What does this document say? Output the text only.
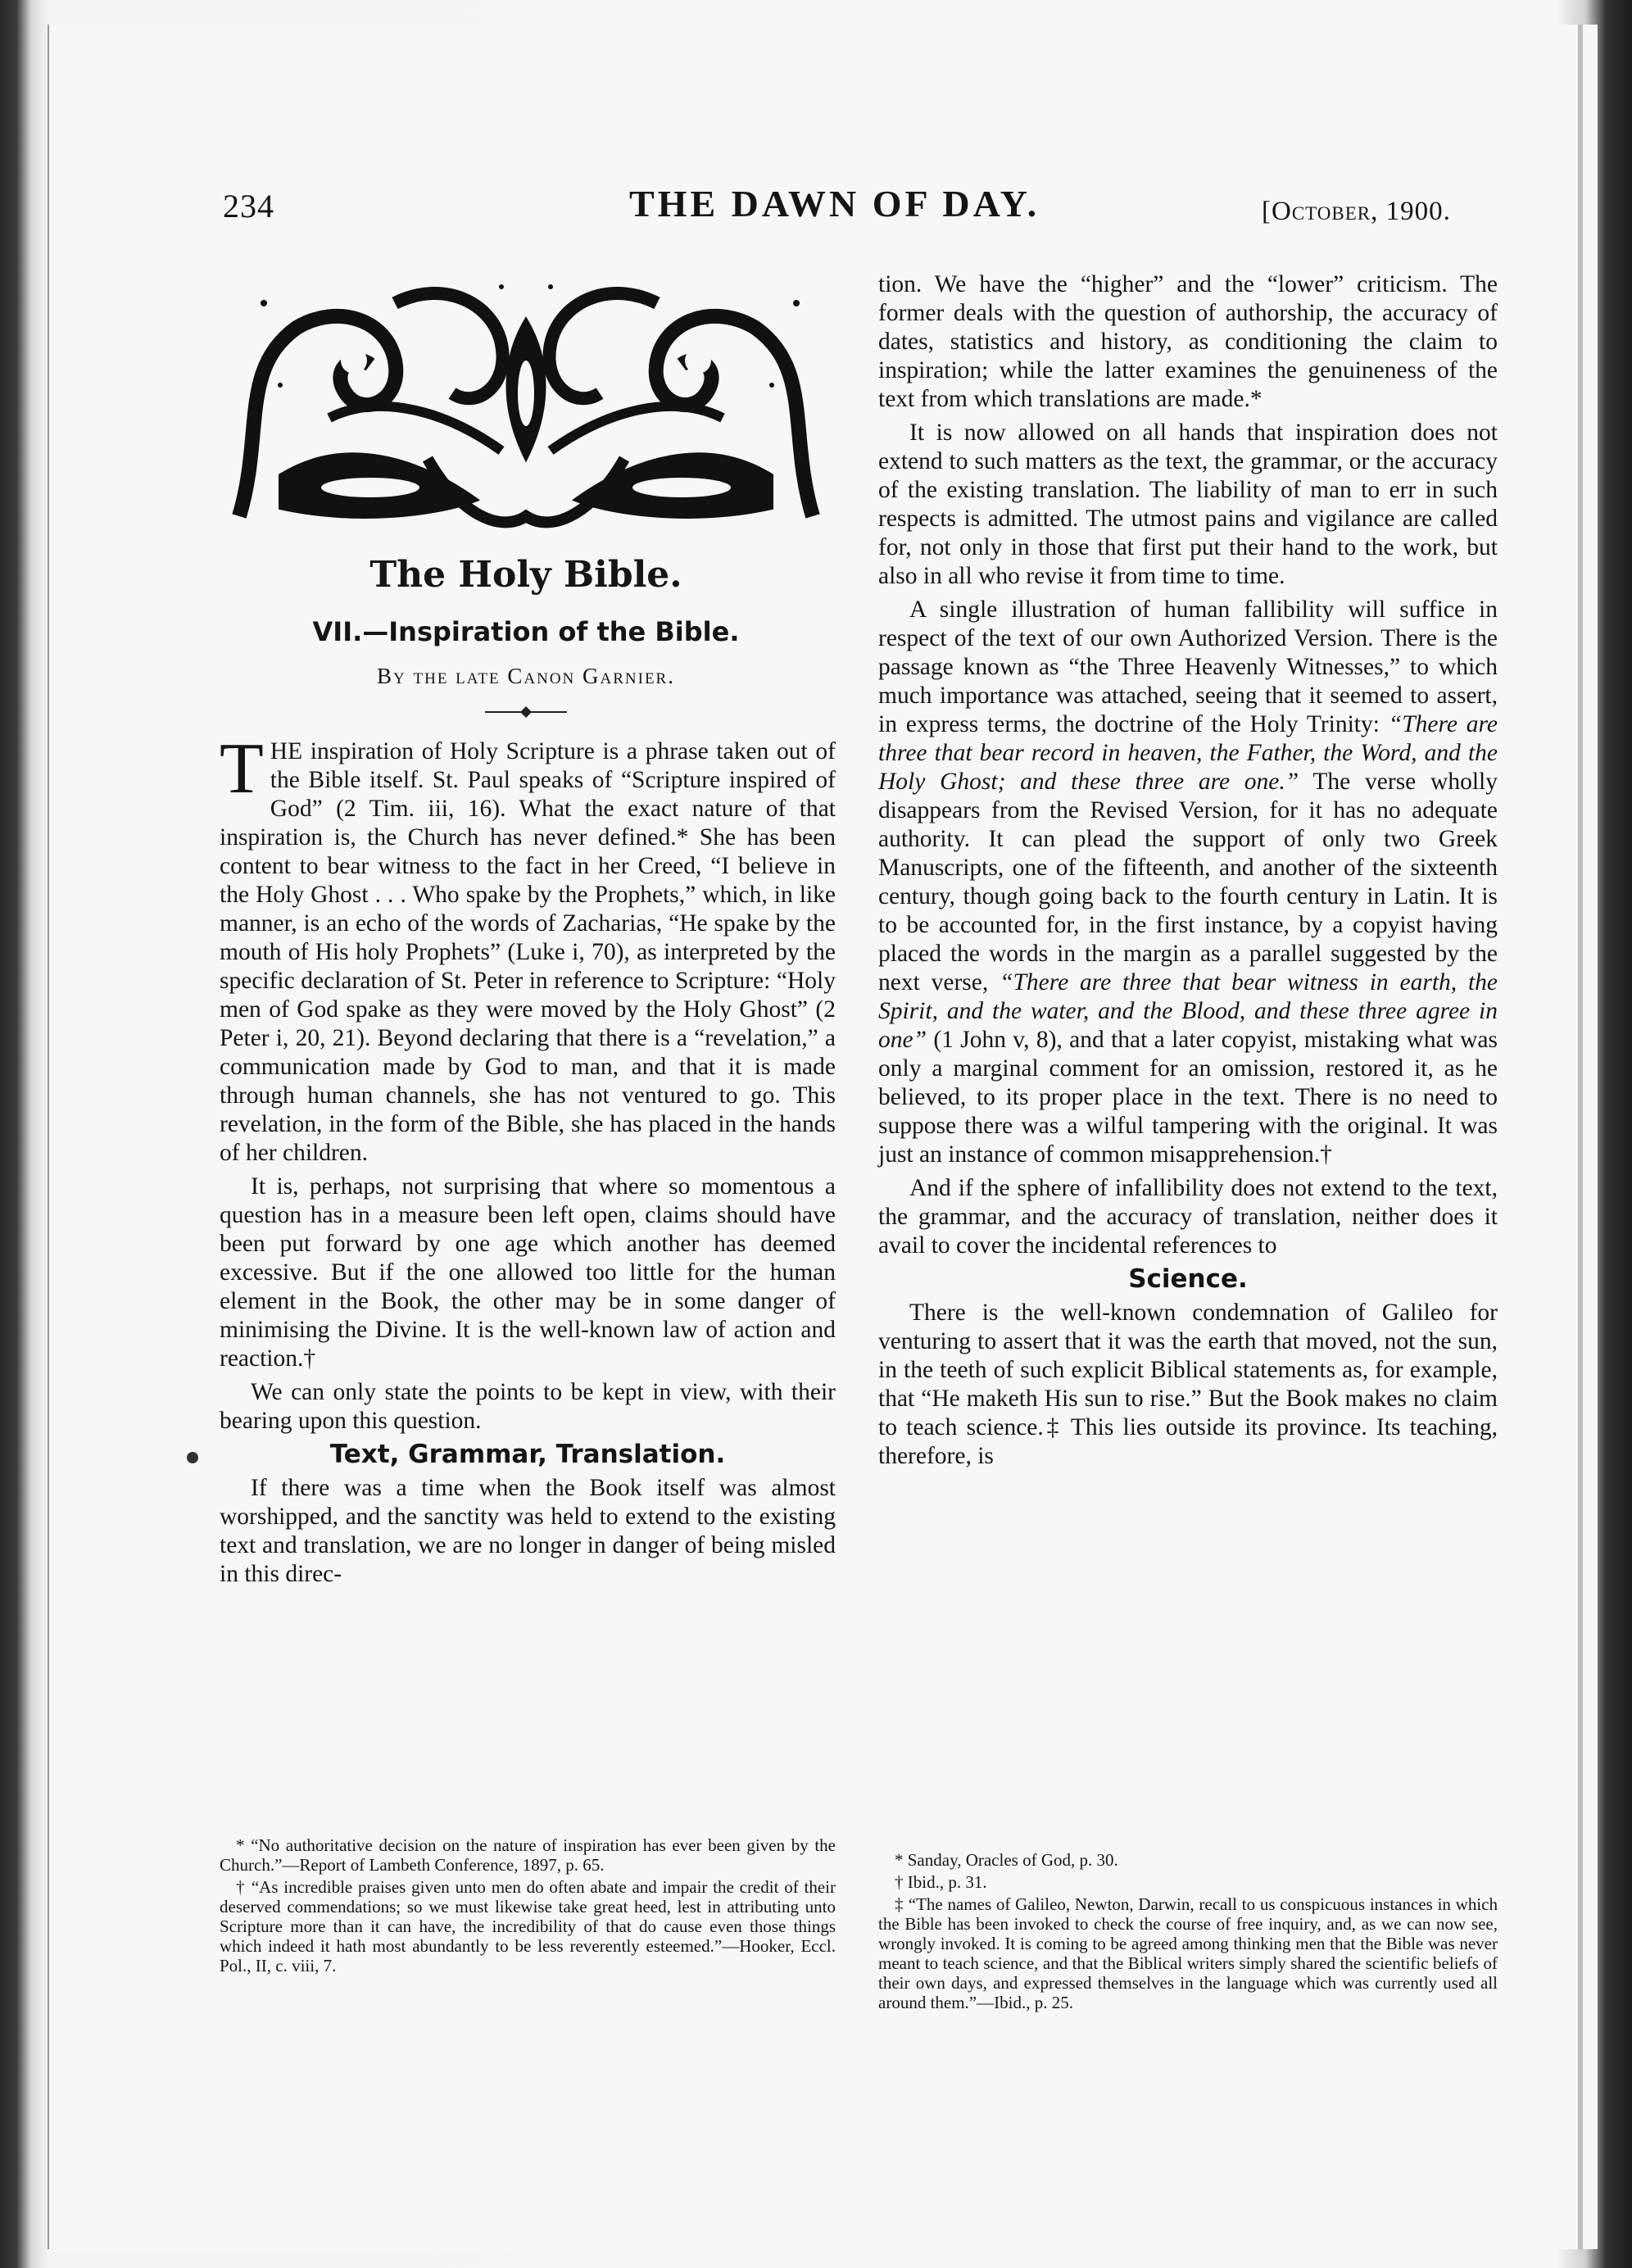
234	THE DAWN OF DAY.	[October, 1900.
The Holy Bible.
VII.—Inspiration of the Bible.
By the late Canon Garnier.

THE inspiration of Holy Scripture is a phrase taken out of the Bible itself. St. Paul speaks of “Scripture inspired of God” (2 Tim. iii, 16). What the exact nature of that inspiration is, the Church has never defined.* She has been content to bear witness to the fact in her Creed, “I believe in the Holy Ghost . . . Who spake by the Prophets,” which, in like manner, is an echo of the words of Zacharias, “He spake by the mouth of His holy Prophets” (Luke i, 70), as interpreted by the specific declaration of St. Peter in reference to Scripture: “Holy men of God spake as they were moved by the Holy Ghost” (2 Peter i, 20, 21). Beyond declaring that there is a “revelation,” a communication made by God to man, and that it is made through human channels, she has not ventured to go. This revelation, in the form of the Bible, she has placed in the hands of her children.

It is, perhaps, not surprising that where so momentous a question has in a measure been left open, claims should have been put forward by one age which another has deemed excessive. But if the one allowed too little for the human element in the Book, the other may be in some danger of minimising the Divine. It is the well-known law of action and reaction.†

We can only state the points to be kept in view, with their bearing upon this question.

Text, Grammar, Translation.

If there was a time when the Book itself was almost worshipped, and the sanctity was held to extend to the existing text and translation, we are no longer in danger of being misled in this direc-

tion. We have the “higher” and the “lower” criticism. The former deals with the question of authorship, the accuracy of dates, statistics and history, as conditioning the claim to inspiration; while the latter examines the genuineness of the text from which translations are made.*

It is now allowed on all hands that inspiration does not extend to such matters as the text, the grammar, or the accuracy of the existing translation. The liability of man to err in such respects is admitted. The utmost pains and vigilance are called for, not only in those that first put their hand to the work, but also in all who revise it from time to time.

A single illustration of human fallibility will suffice in respect of the text of our own Authorized Version. There is the passage known as “the Three Heavenly Witnesses,” to which much importance was attached, seeing that it seemed to assert, in express terms, the doctrine of the Holy Trinity: “There are three that bear record in heaven, the Father, the Word, and the Holy Ghost; and these three are one.” The verse wholly disappears from the Revised Version, for it has no adequate authority. It can plead the support of only two Greek Manuscripts, one of the fifteenth, and another of the sixteenth century, though going back to the fourth century in Latin. It is to be accounted for, in the first instance, by a copyist having placed the words in the margin as a parallel suggested by the next verse, “There are three that bear witness in earth, the Spirit, and the water, and the Blood, and these three agree in one” (1 John v, 8), and that a later copyist, mistaking what was only a marginal comment for an omission, restored it, as he believed, to its proper place in the text. There is no need to suppose there was a wilful tampering with the original. It was just an instance of common misapprehension.†

And if the sphere of infallibility does not extend to the text, the grammar, and the accuracy of translation, neither does it avail to cover the incidental references to

Science.

There is the well-known condemnation of Galileo for venturing to assert that it was the earth that moved, not the sun, in the teeth of such explicit Biblical statements as, for example, that “He maketh His sun to rise.” But the Book makes no claim to teach science.‡ This lies outside its province. Its teaching, therefore, is

* “No authoritative decision on the nature of inspiration has ever been given by the Church.”—Report of Lambeth Conference, 1897, p. 65.

† “As incredible praises given unto men do often abate and impair the credit of their deserved commendations; so we must likewise take great heed, lest in attributing unto Scripture more than it can have, the incredibility of that do cause even those things which indeed it hath most abundantly to be less reverently esteemed.”—Hooker, Eccl. Pol., II, c. viii, 7.

* Sanday, Oracles of God, p. 30.

† Ibid., p. 31.

‡ “The names of Galileo, Newton, Darwin, recall to us conspicuous instances in which the Bible has been invoked to check the course of free inquiry, and, as we can now see, wrongly invoked. It is coming to be agreed among thinking men that the Bible was never meant to teach science, and that the Biblical writers simply shared the scientific beliefs of their own days, and expressed themselves in the language which was currently used all around them.”—Ibid., p. 25.
